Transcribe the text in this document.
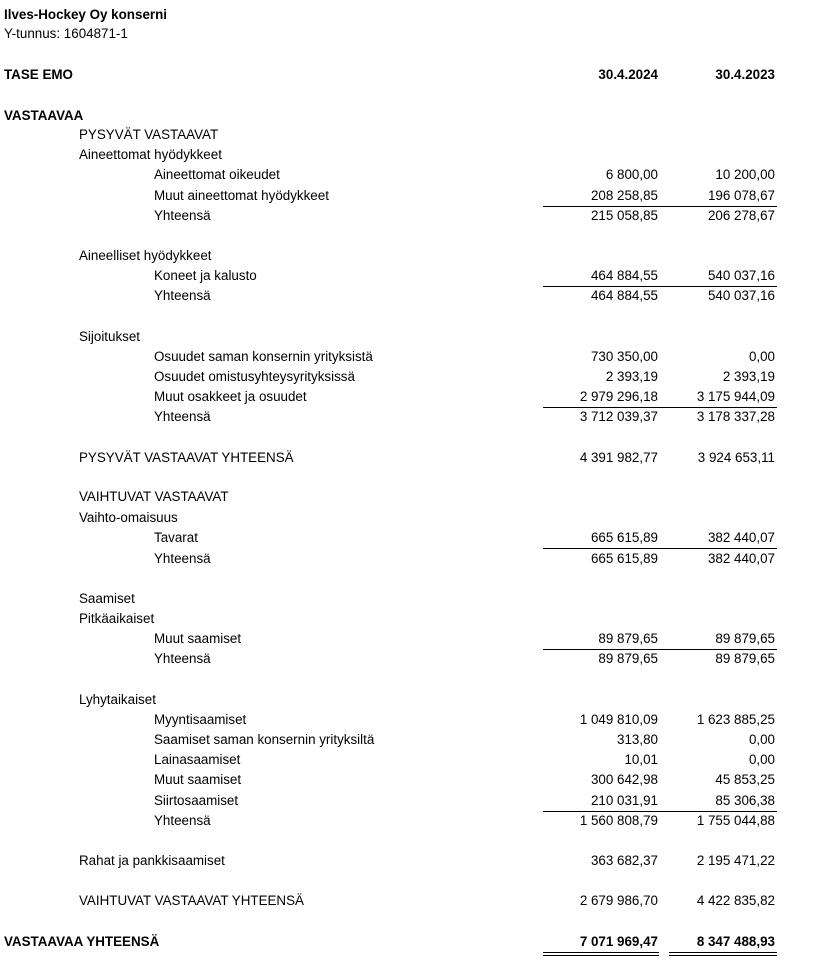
Ilves-Hockey Oy konserni
Y-tunnus: 1604871-1
TASE EMO	30.4.2024	30.4.2023
VASTAAVAA
PYSYVÄT VASTAAVAT
Aineettomat hyödykkeet
Aineettomat oikeudet	6 800,00	10 200,00
Muut aineettomat hyödykkeet	208 258,85	196 078,67
Yhteensä	215 058,85	206 278,67
Aineelliset hyödykkeet
Koneet ja kalusto	464 884,55	540 037,16
Yhteensä	464 884,55	540 037,16
Sijoitukset
Osuudet saman konsernin yrityksistä	730 350,00	0,00
Osuudet omistusyhteysyrityksissä	2 393,19	2 393,19
Muut osakkeet ja osuudet	2 979 296,18	3 175 944,09
Yhteensä	3 712 039,37	3 178 337,28
PYSYVÄT VASTAAVAT YHTEENSÄ	4 391 982,77	3 924 653,11
VAIHTUVAT VASTAAVAT
Vaihto-omaisuus
Tavarat	665 615,89	382 440,07
Yhteensä	665 615,89	382 440,07
Saamiset
Pitkäaikaiset
Muut saamiset	89 879,65	89 879,65
Yhteensä	89 879,65	89 879,65
Lyhytaikaiset
Myyntisaamiset	1 049 810,09	1 623 885,25
Saamiset saman konsernin yrityksiltä	313,80	0,00
Lainasaamiset	10,01	0,00
Muut saamiset	300 642,98	45 853,25
Siirtosaamiset	210 031,91	85 306,38
Yhteensä	1 560 808,79	1 755 044,88
Rahat ja pankkisaamiset	363 682,37	2 195 471,22
VAIHTUVAT VASTAAVAT YHTEENSÄ	2 679 986,70	4 422 835,82
VASTAAVAA YHTEENSÄ	7 071 969,47	8 347 488,93
